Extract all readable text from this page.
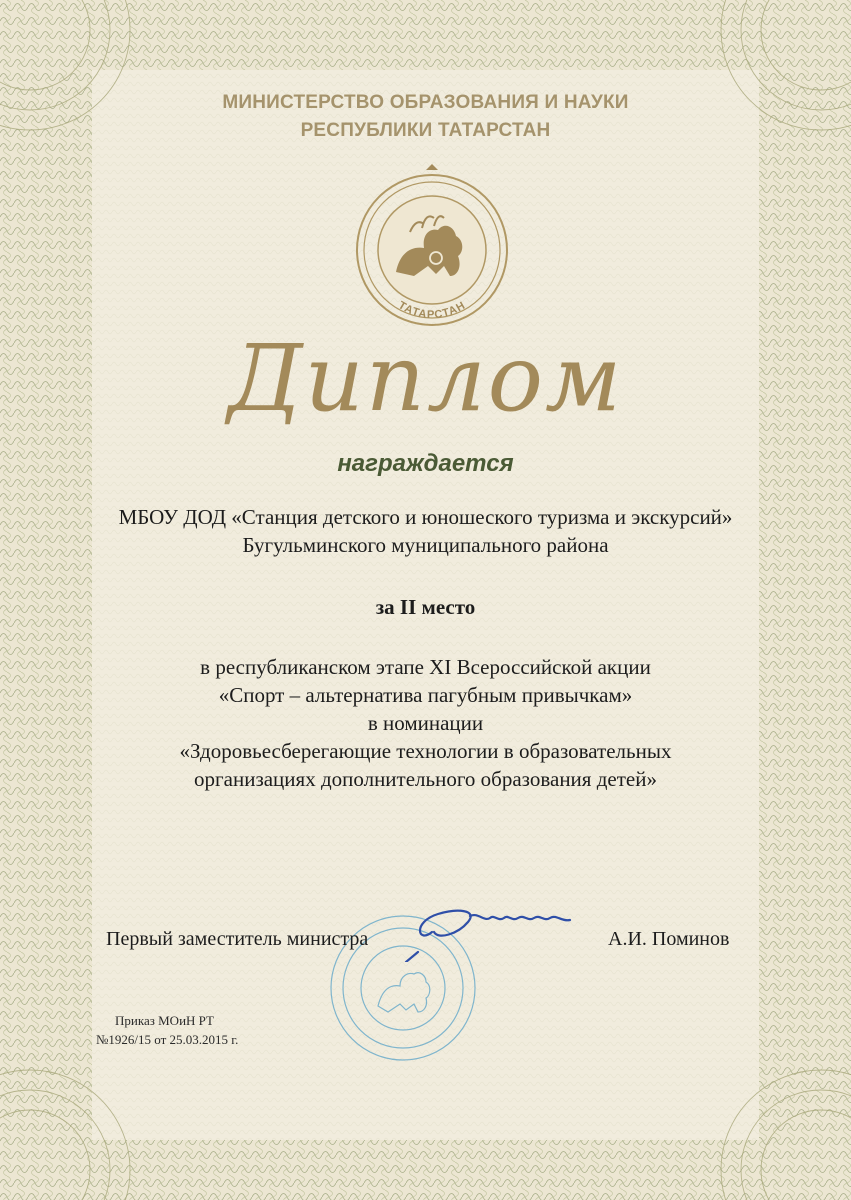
МИНИСТЕРСТВО ОБРАЗОВАНИЯ И НАУКИ
РЕСПУБЛИКИ ТАТАРСТАН
ТАТАРСТАН
Диплом
награждается
МБОУ ДОД «Станция детского и юношеского туризма и экскурсий»
Бугульминского муниципального района
за II место
в республиканском этапе XI Всероссийской акции
«Спорт – альтернатива пагубным привычкам»
в номинации
«Здоровьесберегающие технологии в образовательных
организациях дополнительного образования детей»
Первый заместитель министра	А.И. Поминов
Приказ МОиН РТ
№1926/15 от 25.03.2015 г.
